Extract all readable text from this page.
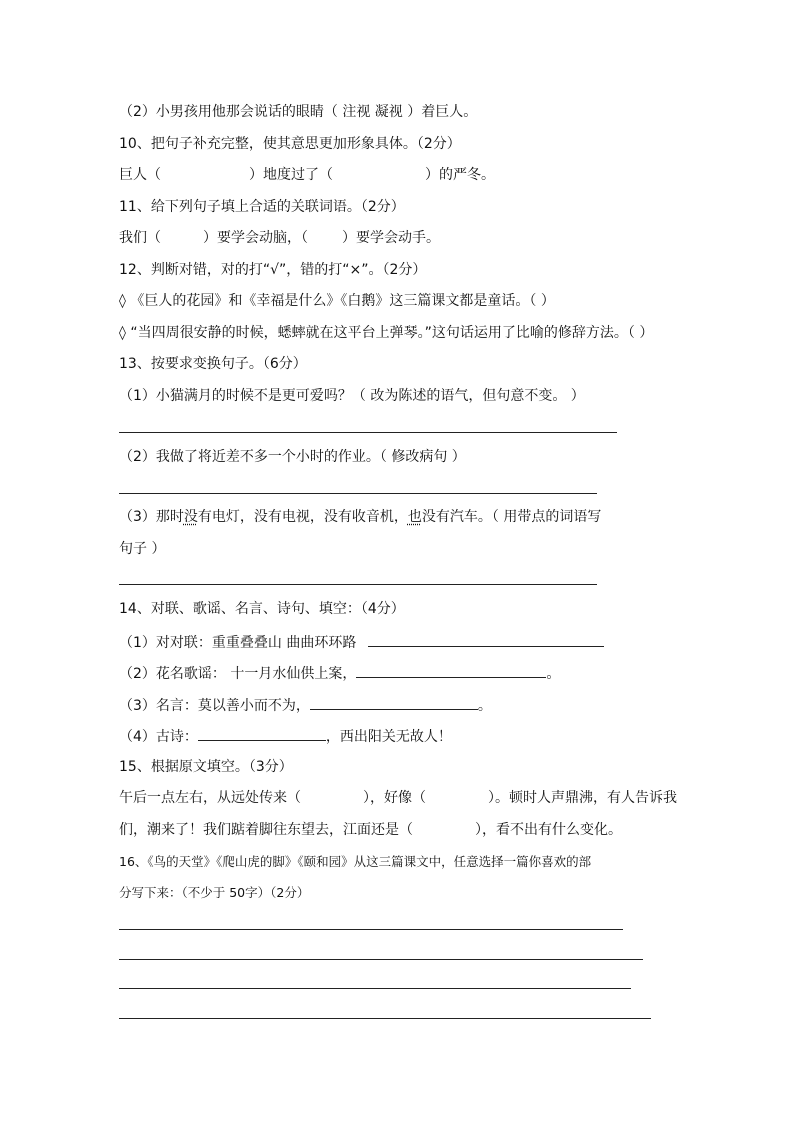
（2）小男孩用他那会说话的眼睛（ 注视 凝视 ）着巨人。
10、把句子补充完整，使其意思更加形象具体。（2分）
巨人（	）地度过了（	）的严冬。
11、给下列句子填上合适的关联词语。（2分）
我们（	）要学会动脑，（ ）要学会动手。
12、判断对错，对的打“√”，错的打“×”。（2分）
◊ 《巨人的花园》和《幸福是什么》《白鹅》这三篇课文都是童话。（ ）
◊ “当四周很安静的时候，蟋蟀就在这平台上弹琴。”这句话运用了比喻的修辞方法。（ ）
13、按要求变换句子。（6分）
（1）小猫满月的时候不是更可爱吗？（ 改为陈述的语气，但句意不变。 ）
（2）我做了将近差不多一个小时的作业。（ 修改病句 ）
（3）那时没有电灯，没有电视，没有收音机，也没有汽车。（ 用带点的词语写
句子 ）
14、对联、歌谣、名言、诗句、填空：（4分）
（1）对对联：重重叠叠山 曲曲环环路
（2）花名歌谣： 十一月水仙供上案，	。
（3）名言：莫以善小而不为，	。
（4）古诗：	，西出阳关无故人！
15、根据原文填空。（3分）
午后一点左右，从远处传来（	），好像（	）。顿时人声鼎沸，有人告诉我
们，潮来了！我们踮着脚往东望去，江面还是（	），看不出有什么变化。
16、《鸟的天堂》《爬山虎的脚》《颐和园》从这三篇课文中，任意选择一篇你喜欢的部
分写下来：（不少于 50字）（2分）
